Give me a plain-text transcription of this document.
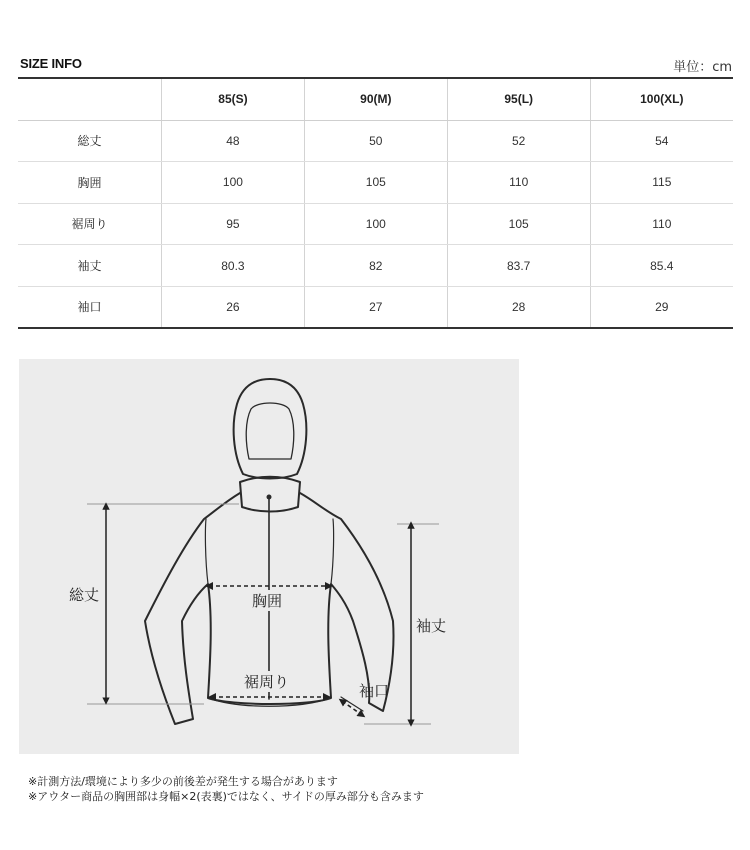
SIZE INFO	単位：cm
	85(S)	90(M)	95(L)	100(XL)
総丈	48	50	52	54
胸囲	100	105	110	115
裾周り	95	100	105	110
袖丈	80.3	82	83.7	85.4
袖口	26	27	28	29
総丈	胸囲
裾周り
袖丈
袖口
※計測方法/環境により多少の前後差が発生する場合があります
※アウター商品の胸囲部は身幅×2(表裏)ではなく、サイドの厚み部分も含みます
